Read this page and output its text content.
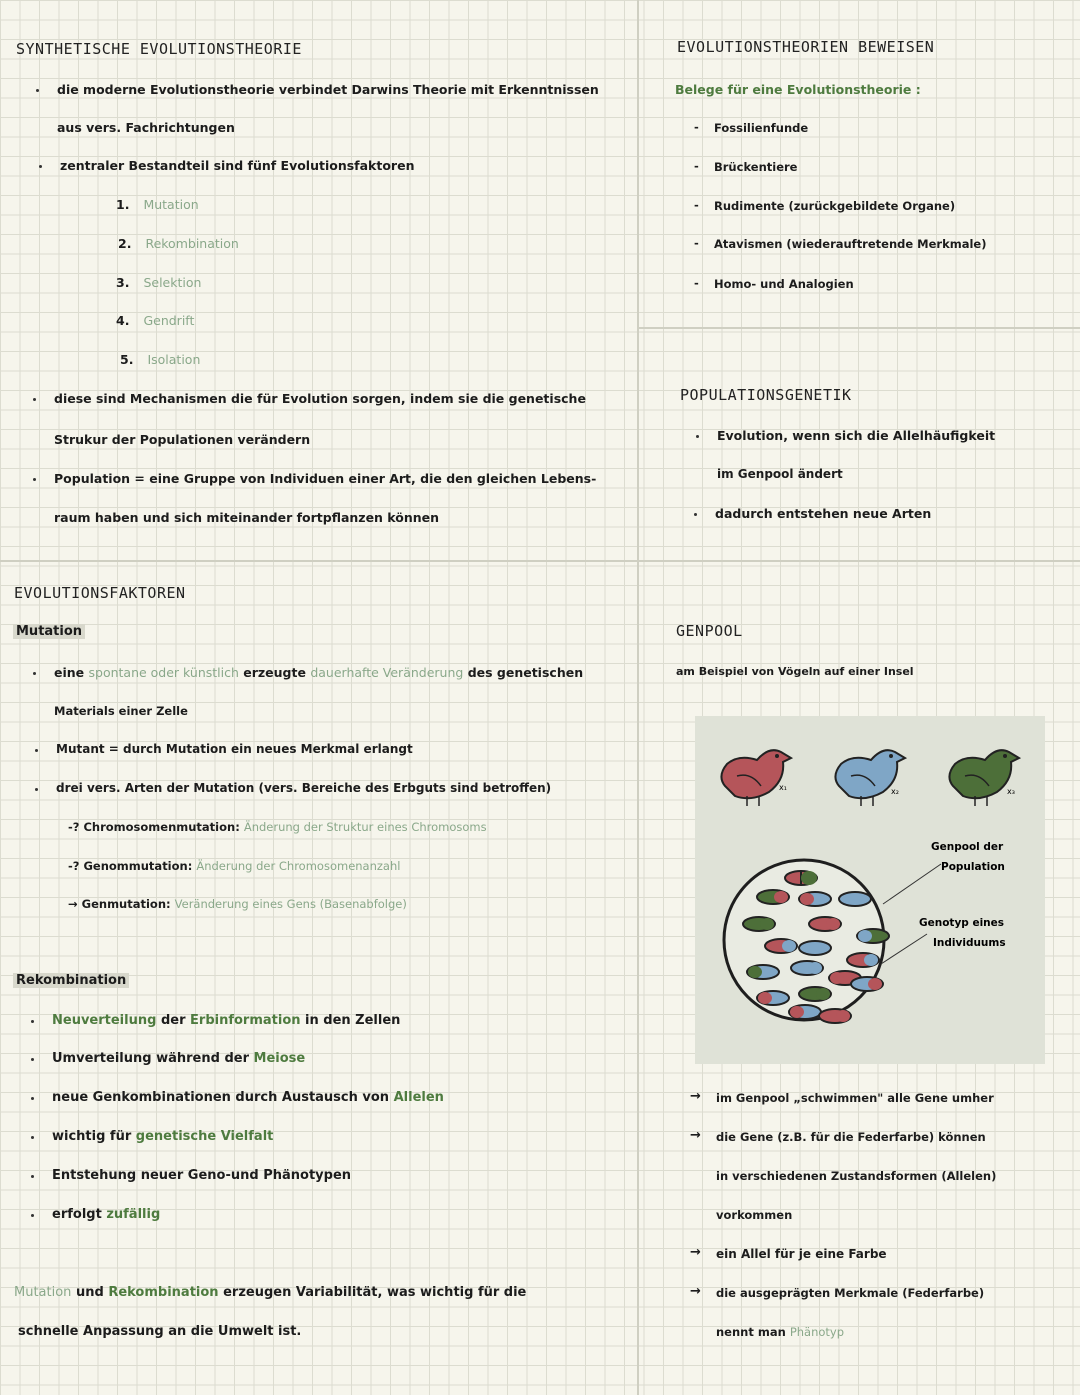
SYNTHETISCHE EVOLUTIONSTHEORIE
die moderne Evolutionstheorie verbindet Darwins Theorie mit Erkenntnissen
aus vers. Fachrichtungen
zentraler Bestandteil sind fünf Evolutionsfaktoren
1. Mutation
2. Rekombination
3. Selektion
4. Gendrift
5. Isolation
diese sind Mechanismen die für Evolution sorgen, indem sie die genetische
Strukur der Populationen verändern
Population = eine Gruppe von Individuen einer Art, die den gleichen Lebens-
raum haben und sich miteinander fortpflanzen können
EVOLUTIONSFAKTOREN
Mutation
eine spontane oder künstlich erzeugte dauerhafte Veränderung des genetischen
Materials einer Zelle
Mutant = durch Mutation ein neues Merkmal erlangt
drei vers. Arten der Mutation (vers. Bereiche des Erbguts sind betroffen)
-? Chromosomenmutation: Änderung der Struktur eines Chromosoms
-? Genommutation: Änderung der Chromosomenanzahl
→ Genmutation: Veränderung eines Gens (Basenabfolge)
Rekombination
Neuverteilung der Erbinformation in den Zellen
Umverteilung während der Meiose
neue Genkombinationen durch Austausch von Allelen
wichtig für genetische Vielfalt
Entstehung neuer Geno-und Phänotypen
erfolgt zufällig
Mutation und Rekombination erzeugen Variabilität, was wichtig für die
schnelle Anpassung an die Umwelt ist.
EVOLUTIONSTHEORIEN BEWEISEN
Belege für eine Evolutionstheorie :
- Fossilienfunde
- Brückentiere
- Rudimente (zurückgebildete Organe)
- Atavismen (wiederauftretende Merkmale)
- Homo- und Analogien
POPULATIONSGENETIK
Evolution, wenn sich die Allelhäufigkeit
im Genpool ändert
dadurch entstehen neue Arten
GENPOOL
am Beispiel von Vögeln auf einer Insel
x₁	x₂	x₃
Genpool der
Population
Genotyp eines
Individuums
→ im Genpool „schwimmen" alle Gene umher
→ die Gene (z.B. für die Federfarbe) können
in verschiedenen Zustandsformen (Allelen)
vorkommen
→ ein Allel für je eine Farbe
→ die ausgeprägten Merkmale (Federfarbe)
nennt man Phänotyp
